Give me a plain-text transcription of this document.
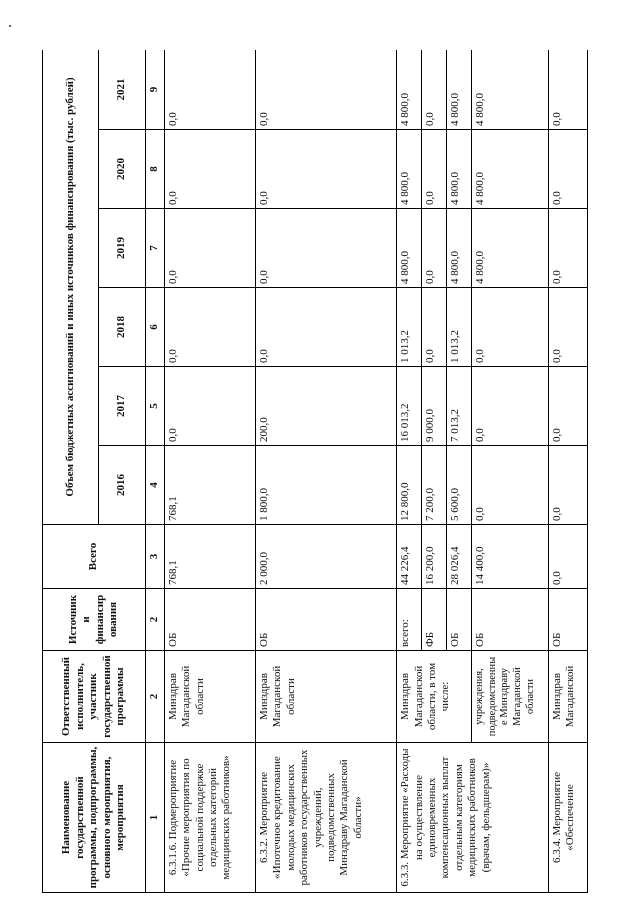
Наименование государственной программы, подпрограммы, основного мероприятия, мероприятия	Ответственный исполнитель, участник государственной программы	Источник и финансир ования	Всего	Объем бюджетных ассигнований и иных источников финансирования (тыс. рублей)					
				2016	2017	2018	2019	2020	2021
1	2	2	3	4	5	6	7	8	9
6.3.1.6. Подмероприятие «Прочие мероприятия по социальной поддержке отдельных категорий медицинских работников»	Минздрав Магаданской области	ОБ	768,1	768,1	0,0	0,0	0,0	0,0	0,0
6.3.2. Мероприятие «Ипотечное кредитование молодых медицинских работников государственных учреждений, подведомственных Минздраву Магаданской области»	Минздрав Магаданской области	ОБ	2 000,0	1 800,0	200,0	0,0	0,0	0,0	0,0
6.3.3. Мероприятие «Расходы на осуществление единовременных компенсационных выплат отдельным категориям медицинских работников (врачам, фельдшерам)»	Минздрав Магаданской области, в том числе:	всего:	44 226,4	12 800,0	16 013,2	1 013,2	4 800,0	4 800,0	4 800,0
		ФБ	16 200,0	7 200,0	9 000,0	0,0	0,0	0,0	0,0
		ОБ	28 026,4	5 600,0	7 013,2	1 013,2	4 800,0	4 800,0	4 800,0
	учреждения, подведомственны е Минздраву Магаданской области	ОБ	14 400,0	0,0	0,0	0,0	4 800,0	4 800,0	4 800,0
6.3.4. Мероприятие «Обеспечение	Минздрав Магаданской	ОБ	0,0	0,0	0,0	0,0	0,0	0,0	0,0
